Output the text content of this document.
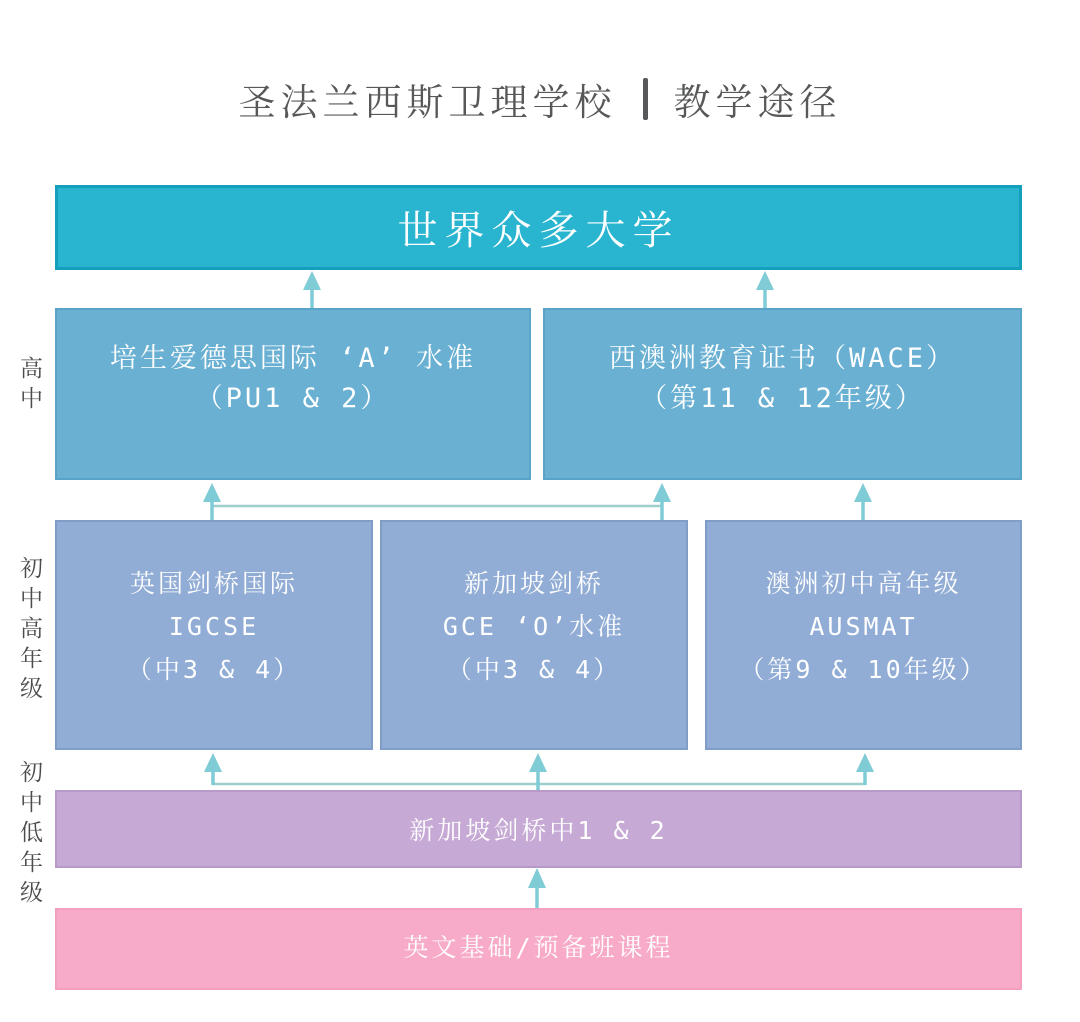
圣法兰西斯卫理学校 教学途径
高中
初中高年级
初中低年级
世界众多大学
培生爱德思国际 ‘A’ 水准
（PU1 & 2）
西澳洲教育证书（WACE）
（第11 & 12年级）
英国剑桥国际
IGCSE
（中3 & 4）
新加坡剑桥
GCE ‘O’水准
（中3 & 4）
澳洲初中高年级
AUSMAT
（第9 & 10年级）
新加坡剑桥中1 & 2
英文基础/预备班课程
